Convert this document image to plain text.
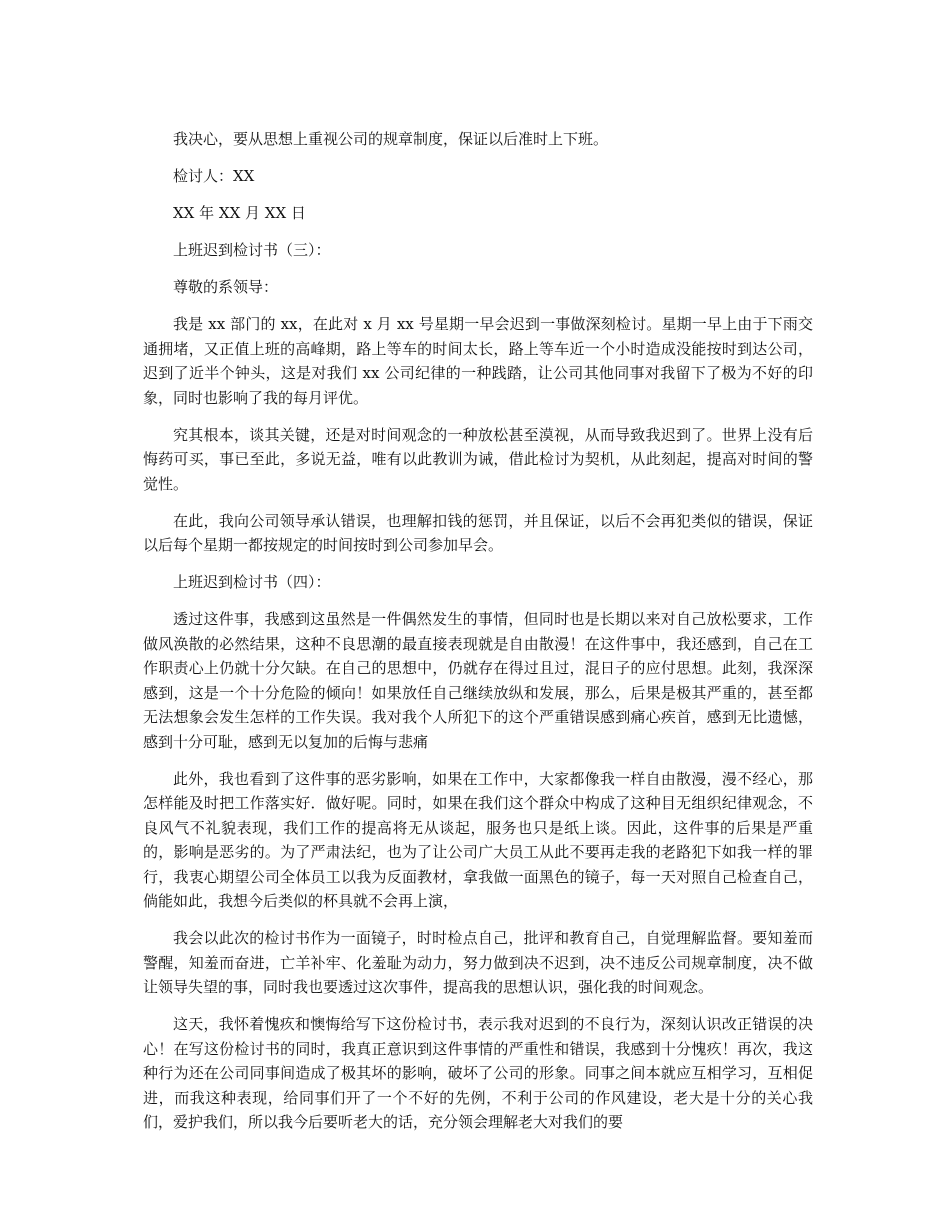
我决心，要从思想上重视公司的规章制度，保证以后准时上下班。

检讨人：XX

XX 年 XX 月 XX 日

上班迟到检讨书（三）：

尊敬的系领导：

我是 xx 部门的 xx，在此对 x 月 xx 号星期一早会迟到一事做深刻检讨。星期一早上由于下雨交通拥堵，又正值上班的高峰期，路上等车的时间太长，路上等车近一个小时造成没能按时到达公司，迟到了近半个钟头，这是对我们 xx 公司纪律的一种践踏，让公司其他同事对我留下了极为不好的印象，同时也影响了我的每月评优。

究其根本，谈其关键，还是对时间观念的一种放松甚至漠视，从而导致我迟到了。世界上没有后悔药可买，事已至此，多说无益，唯有以此教训为诫，借此检讨为契机，从此刻起，提高对时间的警觉性。

在此，我向公司领导承认错误，也理解扣钱的惩罚，并且保证，以后不会再犯类似的错误，保证以后每个星期一都按规定的时间按时到公司参加早会。

上班迟到检讨书（四）：

透过这件事，我感到这虽然是一件偶然发生的事情，但同时也是长期以来对自己放松要求，工作做风涣散的必然结果，这种不良思潮的最直接表现就是自由散漫！在这件事中，我还感到，自己在工作职责心上仍就十分欠缺。在自己的思想中，仍就存在得过且过，混日子的应付思想。此刻，我深深感到，这是一个十分危险的倾向！如果放任自己继续放纵和发展，那么，后果是极其严重的，甚至都无法想象会发生怎样的工作失误。我对我个人所犯下的这个严重错误感到痛心疾首，感到无比遗憾，感到十分可耻，感到无以复加的后悔与悲痛

此外，我也看到了这件事的恶劣影响，如果在工作中，大家都像我一样自由散漫，漫不经心，那怎样能及时把工作落实好．做好呢。同时，如果在我们这个群众中构成了这种目无组织纪律观念，不良风气不礼貌表现，我们工作的提高将无从谈起，服务也只是纸上谈。因此，这件事的后果是严重的，影响是恶劣的。为了严肃法纪，也为了让公司广大员工从此不要再走我的老路犯下如我一样的罪行，我衷心期望公司全体员工以我为反面教材，拿我做一面黑色的镜子，每一天对照自己检查自己，倘能如此，我想今后类似的杯具就不会再上演，

我会以此次的检讨书作为一面镜子，时时检点自己，批评和教育自己，自觉理解监督。要知羞而警醒，知羞而奋进，亡羊补牢、化羞耻为动力，努力做到决不迟到，决不违反公司规章制度，决不做让领导失望的事，同时我也要透过这次事件，提高我的思想认识，强化我的时间观念。

这天，我怀着愧疚和懊悔给写下这份检讨书，表示我对迟到的不良行为，深刻认识改正错误的决心！在写这份检讨书的同时，我真正意识到这件事情的严重性和错误，我感到十分愧疚！再次，我这种行为还在公司同事间造成了极其坏的影响，破坏了公司的形象。同事之间本就应互相学习，互相促进，而我这种表现，给同事们开了一个不好的先例，不利于公司的作风建设，老大是十分的关心我们，爱护我们，所以我今后要听老大的话，充分领会理解老大对我们的要
